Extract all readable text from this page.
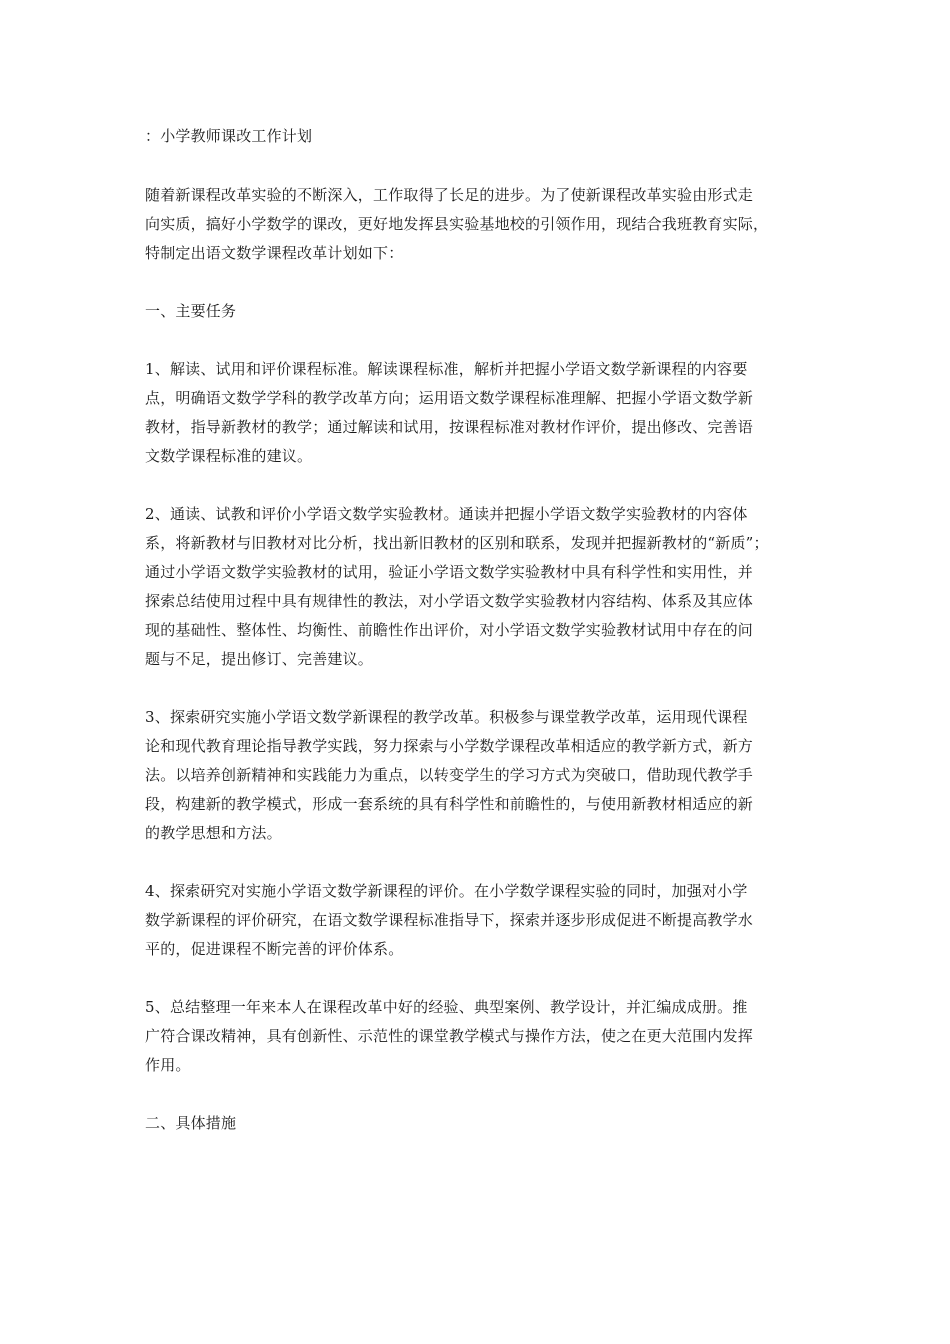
：小学教师课改工作计划
随着新课程改革实验的不断深入，工作取得了长足的进步。为了使新课程改革实验由形式走
向实质，搞好小学数学的课改，更好地发挥县实验基地校的引领作用，现结合我班教育实际，
特制定出语文数学课程改革计划如下：
一、主要任务
1、解读、试用和评价课程标准。解读课程标准，解析并把握小学语文数学新课程的内容要
点，明确语文数学学科的教学改革方向；运用语文数学课程标准理解、把握小学语文数学新
教材，指导新教材的教学；通过解读和试用，按课程标准对教材作评价，提出修改、完善语
文数学课程标准的建议。
2、通读、试教和评价小学语文数学实验教材。通读并把握小学语文数学实验教材的内容体
系，将新教材与旧教材对比分析，找出新旧教材的区别和联系，发现并把握新教材的“新质”；
通过小学语文数学实验教材的试用，验证小学语文数学实验教材中具有科学性和实用性，并
探索总结使用过程中具有规律性的教法，对小学语文数学实验教材内容结构、体系及其应体
现的基础性、整体性、均衡性、前瞻性作出评价，对小学语文数学实验教材试用中存在的问
题与不足，提出修订、完善建议。
3、探索研究实施小学语文数学新课程的教学改革。积极参与课堂教学改革，运用现代课程
论和现代教育理论指导教学实践，努力探索与小学数学课程改革相适应的教学新方式，新方
法。以培养创新精神和实践能力为重点，以转变学生的学习方式为突破口，借助现代教学手
段，构建新的教学模式，形成一套系统的具有科学性和前瞻性的，与使用新教材相适应的新
的教学思想和方法。
4、探索研究对实施小学语文数学新课程的评价。在小学数学课程实验的同时，加强对小学
数学新课程的评价研究，在语文数学课程标准指导下，探索并逐步形成促进不断提高教学水
平的，促进课程不断完善的评价体系。
5、总结整理一年来本人在课程改革中好的经验、典型案例、教学设计，并汇编成成册。推
广符合课改精神，具有创新性、示范性的课堂教学模式与操作方法，使之在更大范围内发挥
作用。
二、具体措施
